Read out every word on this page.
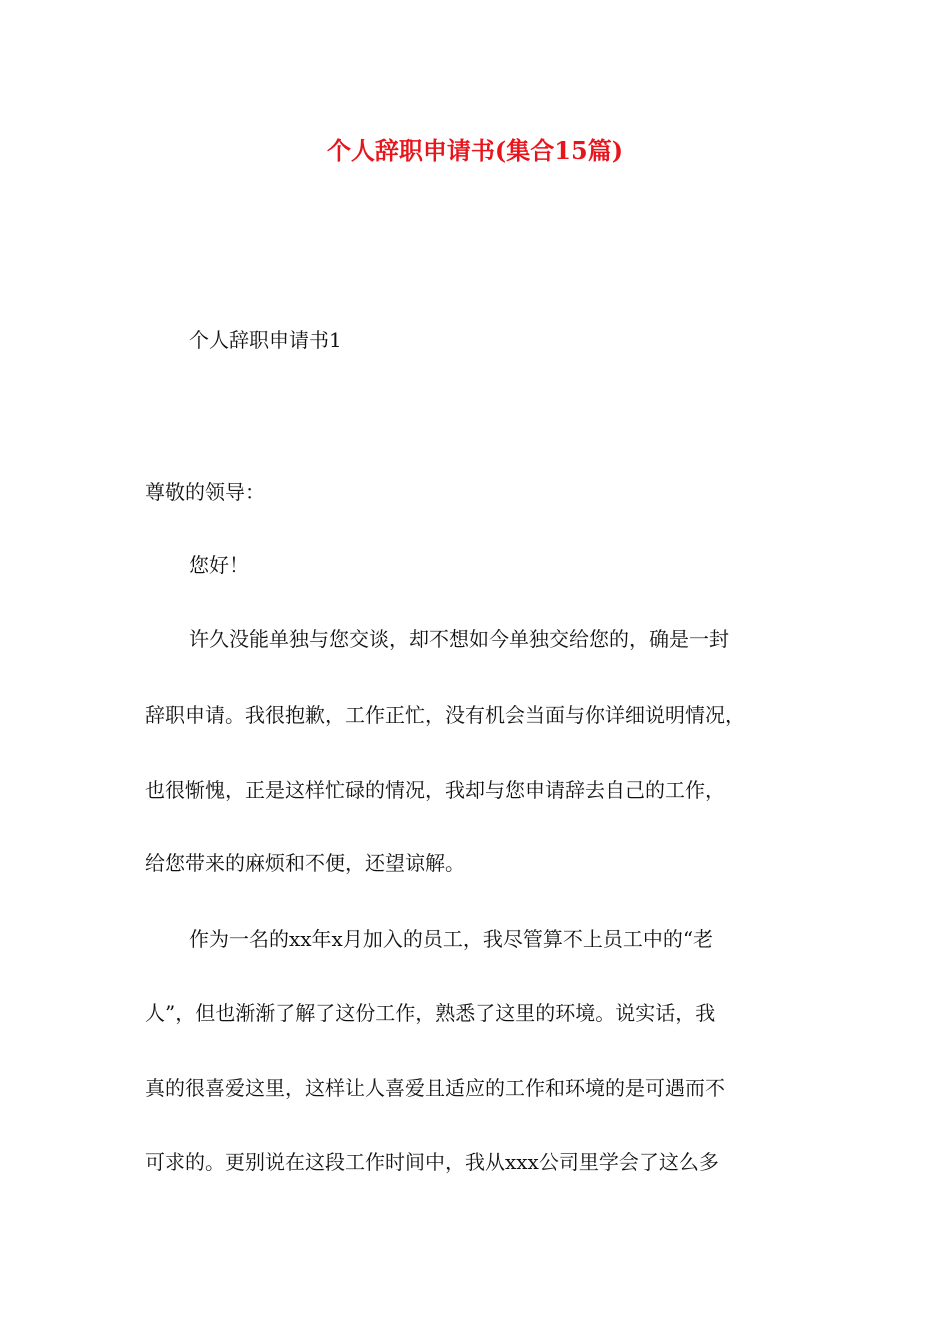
个人辞职申请书(集合15篇)
个人辞职申请书1
尊敬的领导：
您好！
许久没能单独与您交谈，却不想如今单独交给您的，确是一封
辞职申请。我很抱歉，工作正忙，没有机会当面与你详细说明情况，
也很惭愧，正是这样忙碌的情况，我却与您申请辞去自己的工作，
给您带来的麻烦和不便，还望谅解。
作为一名的xx年x月加入的员工，我尽管算不上员工中的“老
人”，但也渐渐了解了这份工作，熟悉了这里的环境。说实话，我
真的很喜爱这里，这样让人喜爱且适应的工作和环境的是可遇而不
可求的。更别说在这段工作时间中，我从xxx公司里学会了这么多
